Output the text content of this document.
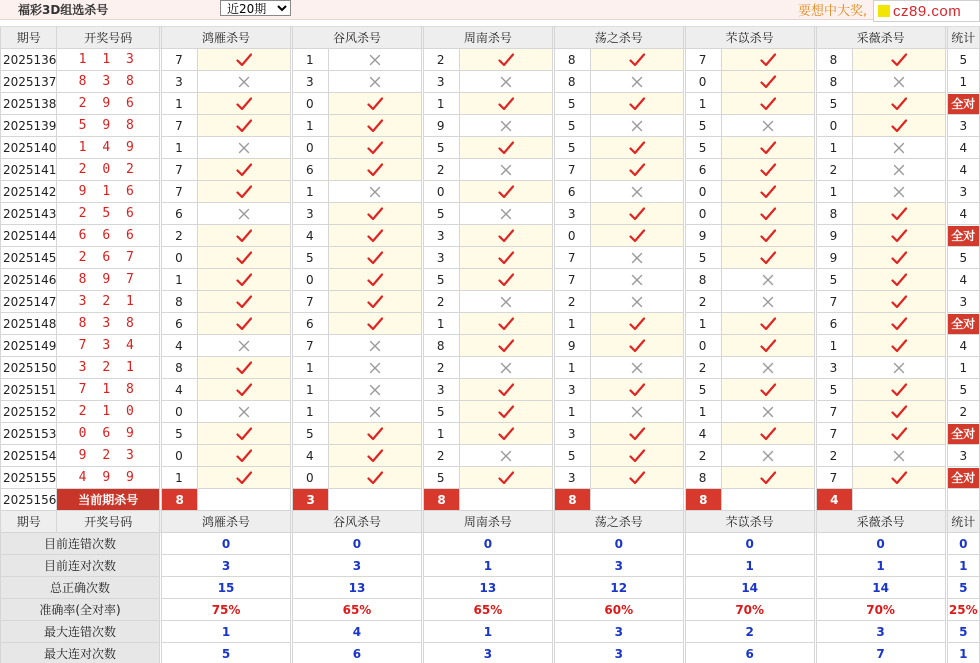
福彩3D组选杀号
近20期	要想中大奖, cz89.com
期号	开奖号码		鸿雁杀号			谷风杀号			周南杀号			荡之杀号			芣苡杀号			采薇杀号			统计
2025136	1 1 3		7			1			2			8			7			8			5
2025137	8 3 8		3			3			3			8			0			8			1
2025138	2 9 6		1			0			1			5			1			5			全对

2025139	5 9 8		7			1			9			5			5			0			3
2025140	1 4 9		1			0			5			5			5			1			4
2025141	2 0 2		7			6			2			7			6			2			4
2025142	9 1 6		7			1			0			6			0			1			3
2025143	2 5 6		6			3			5			3			0			8			4
2025144	6 6 6		2			4			3			0			9			9			全对

2025145	2 6 7		0			5			3			7			5			9			5
2025146	8 9 7		1			0			5			7			8			5			4
2025147	3 2 1		8			7			2			2			2			7			3
2025148	8 3 8		6			6			1			1			1			6			全对

2025149	7 3 4		4			7			8			9			0			1			4
2025150	3 2 1		8			1			2			1			2			3			1
2025151	7 1 8		4			1			3			3			5			5			5
2025152	2 1 0		0			1			5			1			1			7			2
2025153	0 6 9		5			5			1			3			4			7			全对

2025154	9 2 3		0			4			2			5			2			2			3
2025155	4 9 9		1			0			5			3			8			7			全对

2025156	当前期杀号		8			3			8			8			8			4			
期号	开奖号码		鸿雁杀号			谷风杀号			周南杀号			荡之杀号			芣苡杀号			采薇杀号			统计
目前连错次数			0			0			0			0			0			0			0
目前连对次数			3			3			1			3			1			1			1
总正确次数			15			13			13			12			14			14			5
准确率(全对率)			75%			65%			65%			60%			70%			70%			25%
最大连错次数			1			4			1			3			2			3			5
最大连对次数			5			6			3			3			6			7			1
